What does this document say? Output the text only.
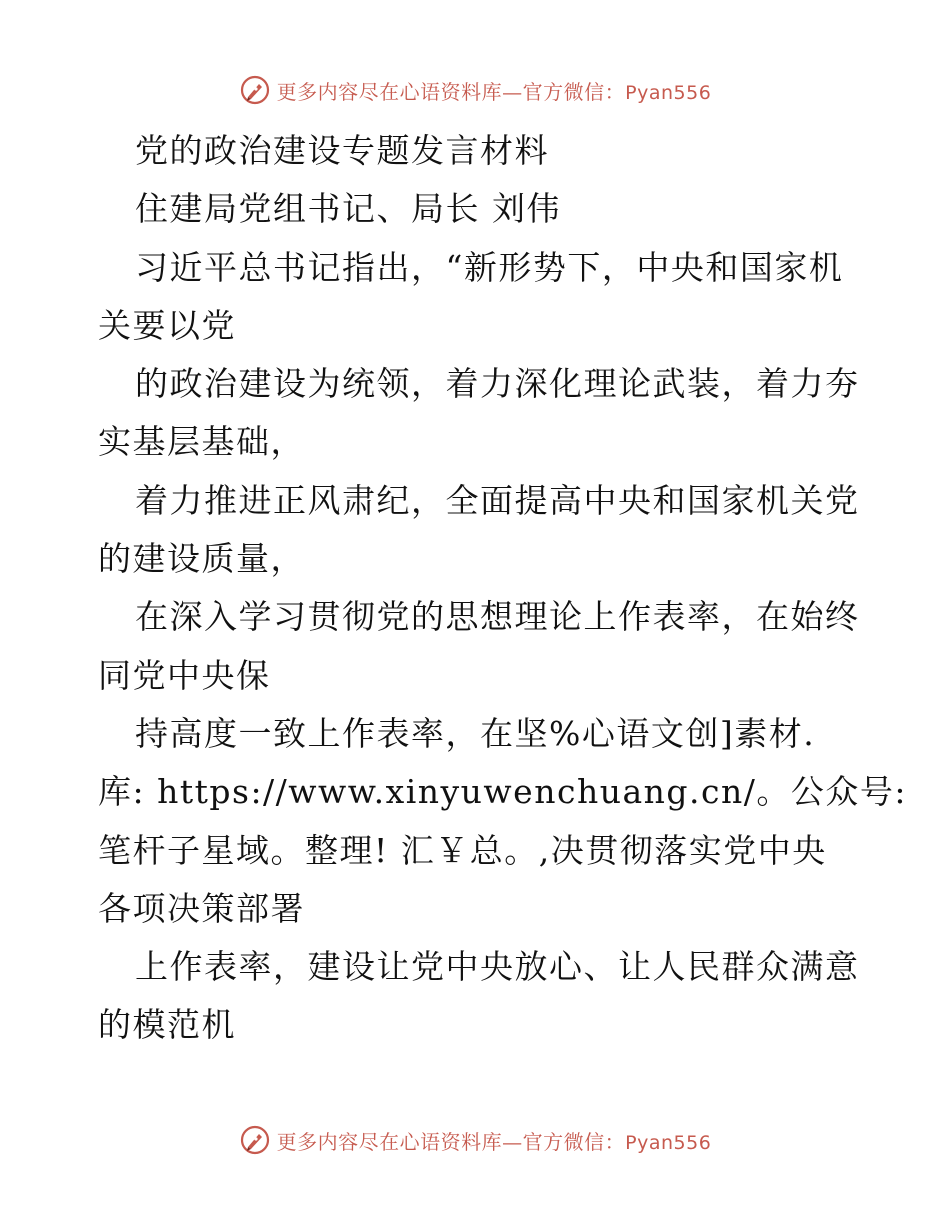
更多内容尽在心语资料库—官方微信：Pyan556
党的政治建设专题发言材料
住建局党组书记、局长 刘伟
习近平总书记指出，“新形势下，中央和国家机
关要以党
的政治建设为统领，着力深化理论武装，着力夯
实基层基础，
着力推进正风肃纪，全面提高中央和国家机关党
的建设质量，
在深入学习贯彻党的思想理论上作表率，在始终
同党中央保
持高度一致上作表率，在坚%心语文创]素材.
库: https://www.xinyuwenchuang.cn/。公众号:
笔杆子星域。整理! 汇￥总。,决贯彻落实党中央
各项决策部署
上作表率，建设让党中央放心、让人民群众满意
的模范机
更多内容尽在心语资料库—官方微信：Pyan556
